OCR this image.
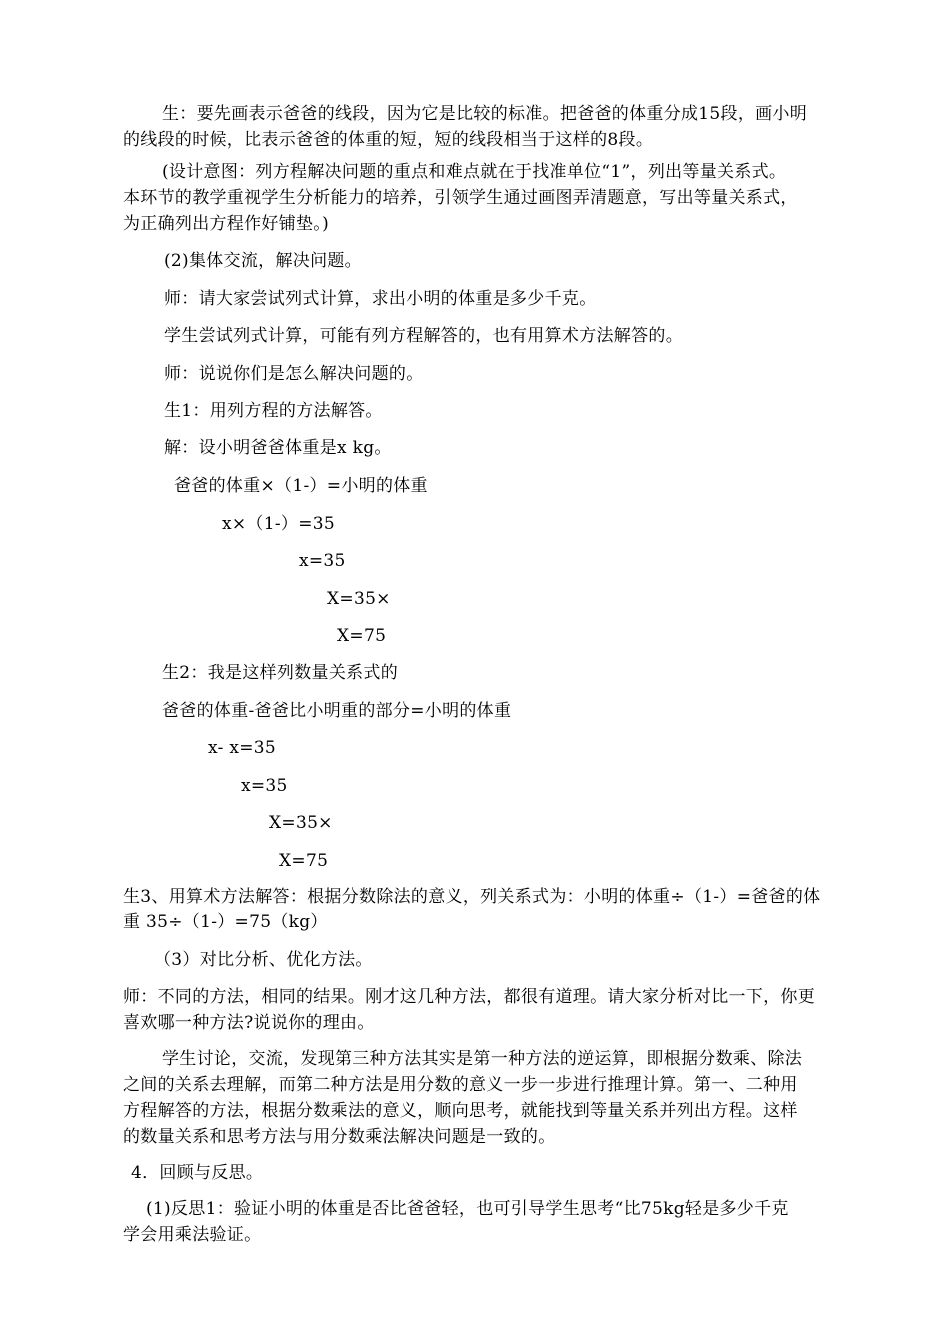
生：要先画表示爸爸的线段，因为它是比较的标准。把爸爸的体重分成15段，画小明
的线段的时候，比表示爸爸的体重的短，短的线段相当于这样的8段。
(设计意图：列方程解决问题的重点和难点就在于找准单位“1”，列出等量关系式。
本环节的教学重视学生分析能力的培养，引领学生通过画图弄清题意，写出等量关系式，
为正确列出方程作好铺垫。)
(2)集体交流，解决问题。
师：请大家尝试列式计算，求出小明的体重是多少千克。
学生尝试列式计算，可能有列方程解答的，也有用算术方法解答的。
师：说说你们是怎么解决问题的。
生1：用列方程的方法解答。
解：设小明爸爸体重是x kg。
爸爸的体重×（1-）=小明的体重
x×（1-）=35
x=35
X=35×
X=75
生2：我是这样列数量关系式的
爸爸的体重-爸爸比小明重的部分=小明的体重
x- x=35
x=35
X=35×
X=75
生3、用算术方法解答：根据分数除法的意义，列关系式为：小明的体重÷（1-）=爸爸的体
重 35÷（1-）=75（kg）
（3）对比分析、优化方法。
师：不同的方法，相同的结果。刚才这几种方法，都很有道理。请大家分析对比一下，你更
喜欢哪一种方法?说说你的理由。
学生讨论，交流，发现第三种方法其实是第一种方法的逆运算，即根据分数乘、除法
之间的关系去理解，而第二种方法是用分数的意义一步一步进行推理计算。第一、二种用
方程解答的方法，根据分数乘法的意义，顺向思考，就能找到等量关系并列出方程。这样
的数量关系和思考方法与用分数乘法解决问题是一致的。
4．回顾与反思。
(1)反思1：验证小明的体重是否比爸爸轻，也可引导学生思考“比75kg轻是多少千克
学会用乘法验证。
